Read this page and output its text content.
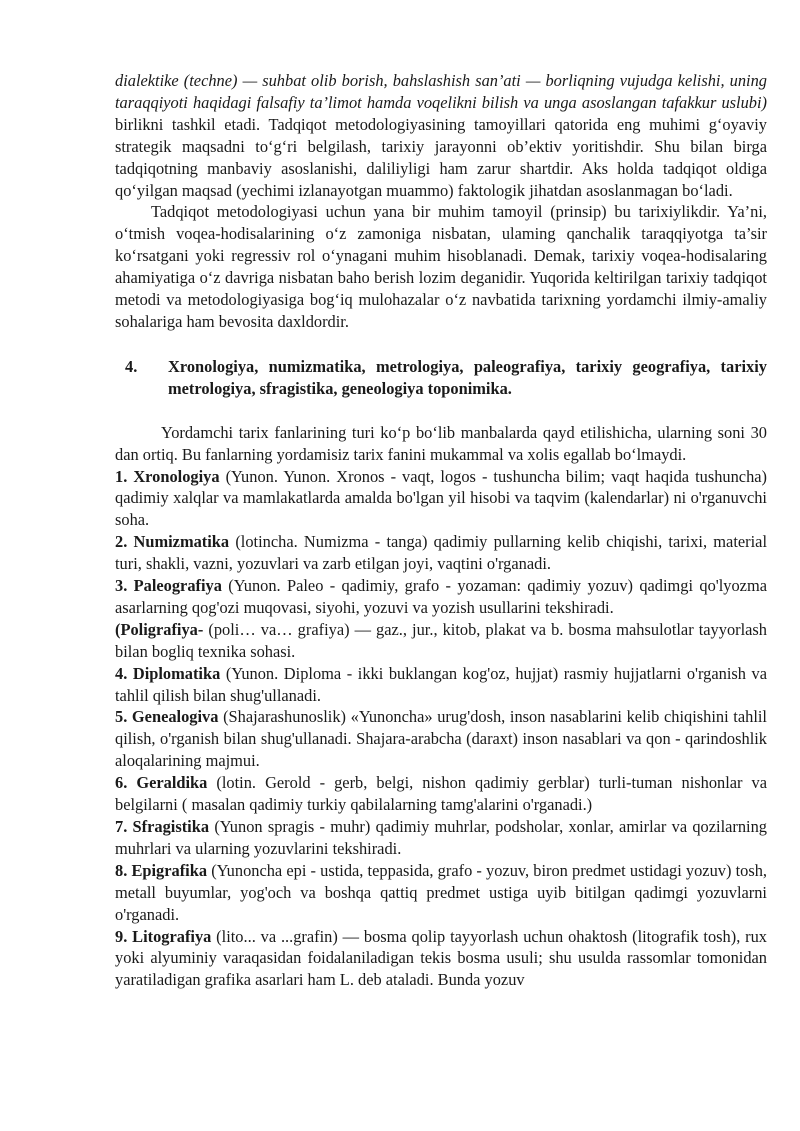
dialektike (techne) — suhbat olib borish, bahslashish san’ati — borliqning vujudga kelishi, uning taraqqiyoti haqidagi falsafiy ta’limot hamda voqelikni bilish va unga asoslangan tafakkur uslubi) birlikni tashkil etadi. Tadqiqot metodologiyasining tamoyillari qatorida eng muhimi g‘oyaviy strategik maqsadni to‘g‘ri belgilash, tarixiy jarayonni ob’ektiv yoritishdir. Shu bilan birga tadqiqotning manbaviy asoslanishi, daliliyligi ham zarur shartdir. Aks holda tadqiqot oldiga qo‘yilgan maqsad (yechimi izlanayotgan muammo) faktologik jihatdan asoslanmagan bo‘ladi.

Tadqiqot metodologiyasi uchun yana bir muhim tamoyil (prinsip) bu tarixiylikdir. Ya’ni, o‘tmish voqea-hodisalarining o‘z zamoniga nisbatan, ulaming qanchalik taraqqiyotga ta’sir ko‘rsatgani yoki regressiv rol o‘ynagani muhim hisoblanadi. Demak, tarixiy voqea-hodisalaring ahamiyatiga o‘z davriga nisbatan baho berish lozim deganidir. Yuqorida keltirilgan tarixiy tadqiqot metodi va metodologiyasiga bog‘iq mulohazalar o‘z navbatida tarixning yordamchi ilmiy-amaliy sohalariga ham bevosita daxldordir.

4.	Xronologiya, numizmatika, metrologiya, paleografiya, tarixiy geografiya, tarixiy metrologiya, sfragistika, geneologiya toponimika.

Yordamchi tarix fanlarining turi ko‘p bo‘lib manbalarda qayd etilishicha, ularning soni 30 dan ortiq. Bu fanlarning yordamisiz tarix fanini mukammal va xolis egallab bo‘lmaydi.

1. Xronologiya (Yunon. Yunon. Xronos - vaqt, logos - tushuncha bilim; vaqt haqida tushuncha) qadimiy xalqlar va mamlakatlarda amalda bo'lgan yil hisobi va taqvim (kalendarlar) ni o'rganuvchi soha.

2. Numizmatika (lotincha. Numizma - tanga) qadimiy pullarning kelib chiqishi, tarixi, material turi, shakli, vazni, yozuvlari va zarb etilgan joyi, vaqtini o'rganadi.

3. Paleografiya (Yunon. Paleo - qadimiy, grafo - yozaman: qadimiy yozuv) qadimgi qo'lyozma asarlarning qog'ozi muqovasi, siyohi, yozuvi va yozish usullarini tekshiradi.

(Poligrafiya- (poli… va… grafiya) — gaz., jur., kitob, plakat va b. bosma mahsulotlar tayyorlash bilan bogliq texnika sohasi.

4. Diplomatika (Yunon. Diploma - ikki buklangan kog'oz, hujjat) rasmiy hujjatlarni o'rganish va tahlil qilish bilan shug'ullanadi.

5. Genealogiva (Shajarashunoslik) «Yunoncha» urug'dosh, inson nasablarini kelib chiqishini tahlil qilish, o'rganish bilan shug'ullanadi. Shajara-arabcha (daraxt) inson nasablari va qon - qarindoshlik aloqalarining majmui.

6. Geraldika (lotin. Gerold - gerb, belgi, nishon qadimiy gerblar) turli-tuman nishonlar va belgilarni ( masalan qadimiy turkiy qabilalarning tamg'alarini o'rganadi.)

7. Sfragistika (Yunon spragis - muhr) qadimiy muhrlar, podsholar, xonlar, amirlar va qozilarning muhrlari va ularning yozuvlarini tekshiradi.

8. Epigrafika (Yunoncha epi - ustida, teppasida, grafo - yozuv, biron predmet ustidagi yozuv) tosh, metall buyumlar, yog'och va boshqa qattiq predmet ustiga uyib bitilgan qadimgi yozuvlarni o'rganadi.

9. Litografiya (lito... va ...grafin) — bosma qolip tayyorlash uchun ohaktosh (litografik tosh), rux yoki alyuminiy varaqasidan foidalaniladigan tekis bosma usuli; shu usulda rassomlar tomonidan yaratiladigan grafika asarlari ham L. deb ataladi. Bunda yozuv
